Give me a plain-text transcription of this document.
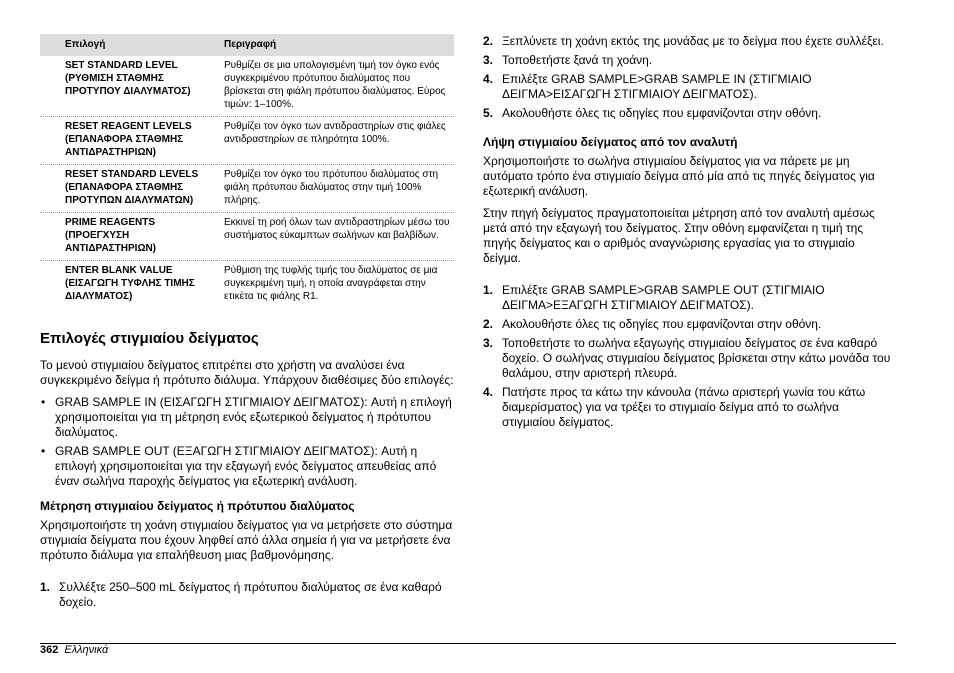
Επιλογή	Περιγραφή
SET STANDARD LEVEL (ΡΥΘΜΙΣΗ ΣΤΑΘΜΗΣ ΠΡΟΤΥΠΟΥ ΔΙΑΛΥΜΑΤΟΣ)	Ρυθμίζει σε μια υπολογισμένη τιμή τον όγκο ενός συγκεκριμένου πρότυπου διαλύματος που βρίσκεται στη φιάλη πρότυπου διαλύματος. Εύρος τιμών: 1–100%.
RESET REAGENT LEVELS (ΕΠΑΝΑΦΟΡΑ ΣΤΑΘΜΗΣ ΑΝΤΙΔΡΑΣΤΗΡΙΩΝ)	Ρυθμίζει τον όγκο των αντιδραστηρίων στις φιάλες αντιδραστηρίων σε πληρότητα 100%.
RESET STANDARD LEVELS (ΕΠΑΝΑΦΟΡΑ ΣΤΑΘΜΗΣ ΠΡΟΤΥΠΩΝ ΔΙΑΛΥΜΑΤΩΝ)	Ρυθμίζει τον όγκο του πρότυπου διαλύματος στη φιάλη πρότυπου διαλύματος στην τιμή 100% πλήρης.
PRIME REAGENTS (ΠΡΟΕΓΧΥΣΗ ΑΝΤΙΔΡΑΣΤΗΡΙΩΝ)	Εκκινεί τη ροή όλων των αντιδραστηρίων μέσω του συστήματος εύκαμπτων σωλήνων και βαλβίδων.
ENTER BLANK VALUE (ΕΙΣΑΓΩΓΗ ΤΥΦΛΗΣ ΤΙΜΗΣ ΔΙΑΛΥΜΑΤΟΣ)	Ρύθμιση της τυφλής τιμής του διαλύματος σε μια συγκεκριμένη τιμή, η οποία αναγράφεται στην ετικέτα τις φιάλης R1.
Επιλογές στιγμιαίου δείγματος

Το μενού στιγμιαίου δείγματος επιτρέπει στο χρήστη να αναλύσει ένα συγκεκριμένο δείγμα ή πρότυπο διάλυμα. Υπάρχουν διαθέσιμες δύο επιλογές:

• GRAB SAMPLE IN (ΕΙΣΑΓΩΓΗ ΣΤΙΓΜΙΑΙΟΥ ΔΕΙΓΜΑΤΟΣ): Αυτή η επιλογή χρησιμοποιείται για τη μέτρηση ενός εξωτερικού δείγματος ή πρότυπου διαλύματος.
• GRAB SAMPLE OUT (ΕΞΑΓΩΓΗ ΣΤΙΓΜΙΑΙΟΥ ΔΕΙΓΜΑΤΟΣ): Αυτή η επιλογή χρησιμοποιείται για την εξαγωγή ενός δείγματος απευθείας από έναν σωλήνα παροχής δείγματος για εξωτερική ανάλυση.
Μέτρηση στιγμιαίου δείγματος ή πρότυπου διαλύματος

Χρησιμοποιήστε τη χοάνη στιγμιαίου δείγματος για να μετρήσετε στο σύστημα στιγμιαία δείγματα που έχουν ληφθεί από άλλα σημεία ή για να μετρήσετε ένα πρότυπο διάλυμα για επαλήθευση μιας βαθμονόμησης.

1. Συλλέξτε 250–500 mL δείγματος ή πρότυπου διαλύματος σε ένα καθαρό δοχείο.
2. Ξεπλύνετε τη χοάνη εκτός της μονάδας με το δείγμα που έχετε συλλέξει.
3. Τοποθετήστε ξανά τη χοάνη.
4. Επιλέξτε GRAB SAMPLE>GRAB SAMPLE IN (ΣΤΙΓΜΙΑΙΟ ΔΕΙΓΜΑ>ΕΙΣΑΓΩΓΗ ΣΤΙΓΜΙΑΙΟΥ ΔΕΙΓΜΑΤΟΣ).
5. Ακολουθήστε όλες τις οδηγίες που εμφανίζονται στην οθόνη.
Λήψη στιγμιαίου δείγματος από τον αναλυτή

Χρησιμοποιήστε το σωλήνα στιγμιαίου δείγματος για να πάρετε με μη αυτόματο τρόπο ένα στιγμιαίο δείγμα από μία από τις πηγές δείγματος για εξωτερική ανάλυση.

Στην πηγή δείγματος πραγματοποιείται μέτρηση από τον αναλυτή αμέσως μετά από την εξαγωγή του δείγματος. Στην οθόνη εμφανίζεται η τιμή της πηγής δείγματος και ο αριθμός αναγνώρισης εργασίας για το στιγμιαίο δείγμα.

1. Επιλέξτε GRAB SAMPLE>GRAB SAMPLE OUT (ΣΤΙΓΜΙΑΙΟ ΔΕΙΓΜΑ>ΕΞΑΓΩΓΗ ΣΤΙΓΜΙΑΙΟΥ ΔΕΙΓΜΑΤΟΣ).
2. Ακολουθήστε όλες τις οδηγίες που εμφανίζονται στην οθόνη.
3. Τοποθετήστε το σωλήνα εξαγωγής στιγμιαίου δείγματος σε ένα καθαρό δοχείο. Ο σωλήνας στιγμιαίου δείγματος βρίσκεται στην κάτω μονάδα του θαλάμου, στην αριστερή πλευρά.
4. Πατήστε προς τα κάτω την κάνουλα (πάνω αριστερή γωνία του κάτω διαμερίσματος) για να τρέξει το στιγμιαίο δείγμα από το σωλήνα στιγμιαίου δείγματος.
362 Ελληνικά
